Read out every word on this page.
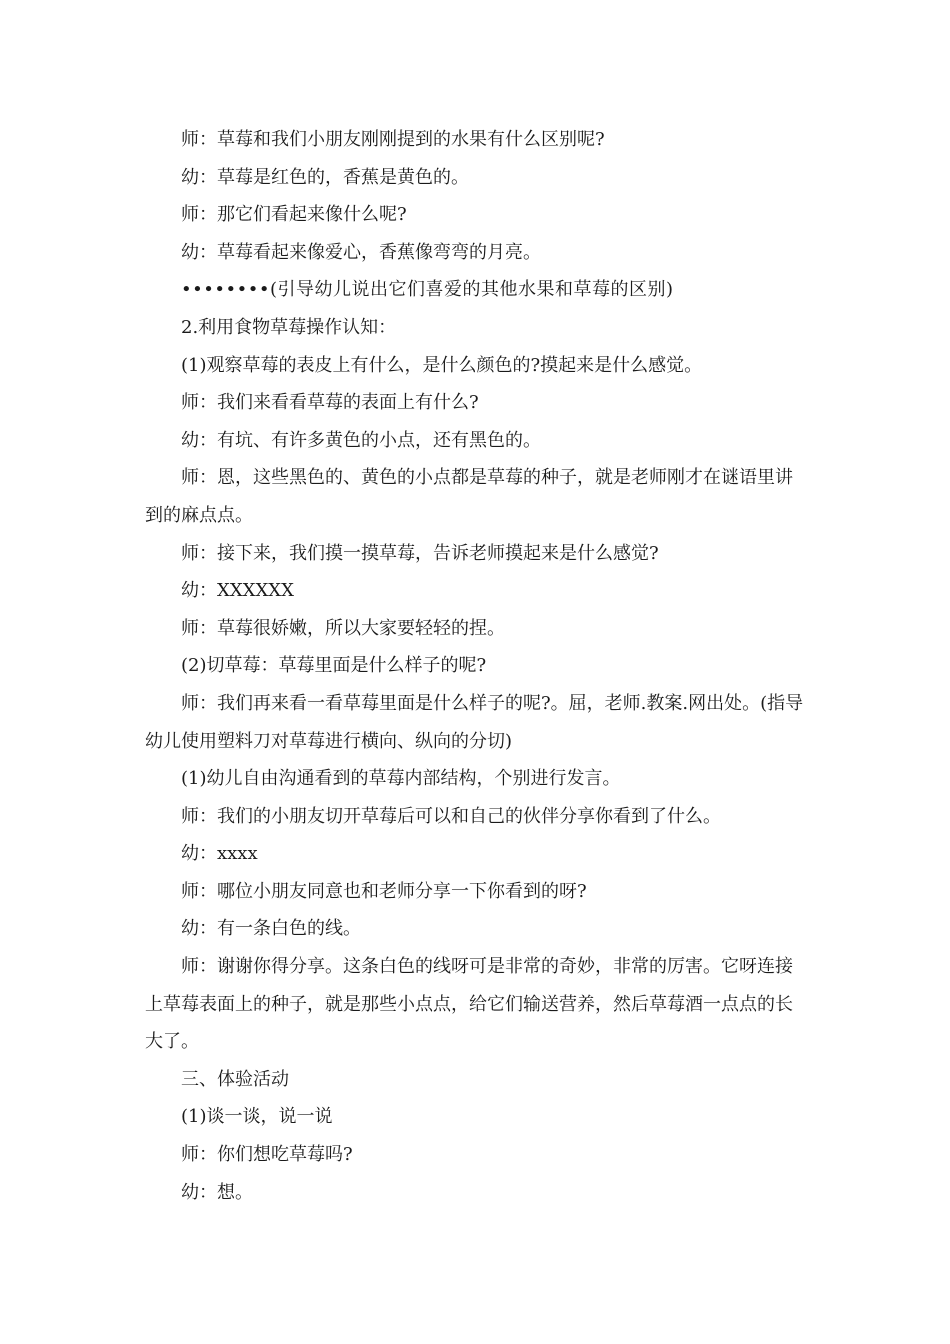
师：草莓和我们小朋友刚刚提到的水果有什么区别呢?

幼：草莓是红色的，香蕉是黄色的。

师：那它们看起来像什么呢?

幼：草莓看起来像爱心，香蕉像弯弯的月亮。

••••••••(引导幼儿说出它们喜爱的其他水果和草莓的区别)

2.利用食物草莓操作认知：

(1)观察草莓的表皮上有什么，是什么颜色的?摸起来是什么感觉。

师：我们来看看草莓的表面上有什么?

幼：有坑、有许多黄色的小点，还有黑色的。

师：恩，这些黑色的、黄色的小点都是草莓的种子，就是老师刚才在谜语里讲到的麻点点。

师：接下来，我们摸一摸草莓，告诉老师摸起来是什么感觉?

幼：XXXXXX

师：草莓很娇嫩，所以大家要轻轻的捏。

(2)切草莓：草莓里面是什么样子的呢?

师：我们再来看一看草莓里面是什么样子的呢?。屈，老师.教案.网出处。(指导幼儿使用塑料刀对草莓进行横向、纵向的分切)

(1)幼儿自由沟通看到的草莓内部结构，个别进行发言。

师：我们的小朋友切开草莓后可以和自己的伙伴分享你看到了什么。

幼：xxxx

师：哪位小朋友同意也和老师分享一下你看到的呀?

幼：有一条白色的线。

师：谢谢你得分享。这条白色的线呀可是非常的奇妙，非常的厉害。它呀连接上草莓表面上的种子，就是那些小点点，给它们输送营养，然后草莓酒一点点的长大了。

三、体验活动

(1)谈一谈，说一说

师：你们想吃草莓吗?

幼：想。
